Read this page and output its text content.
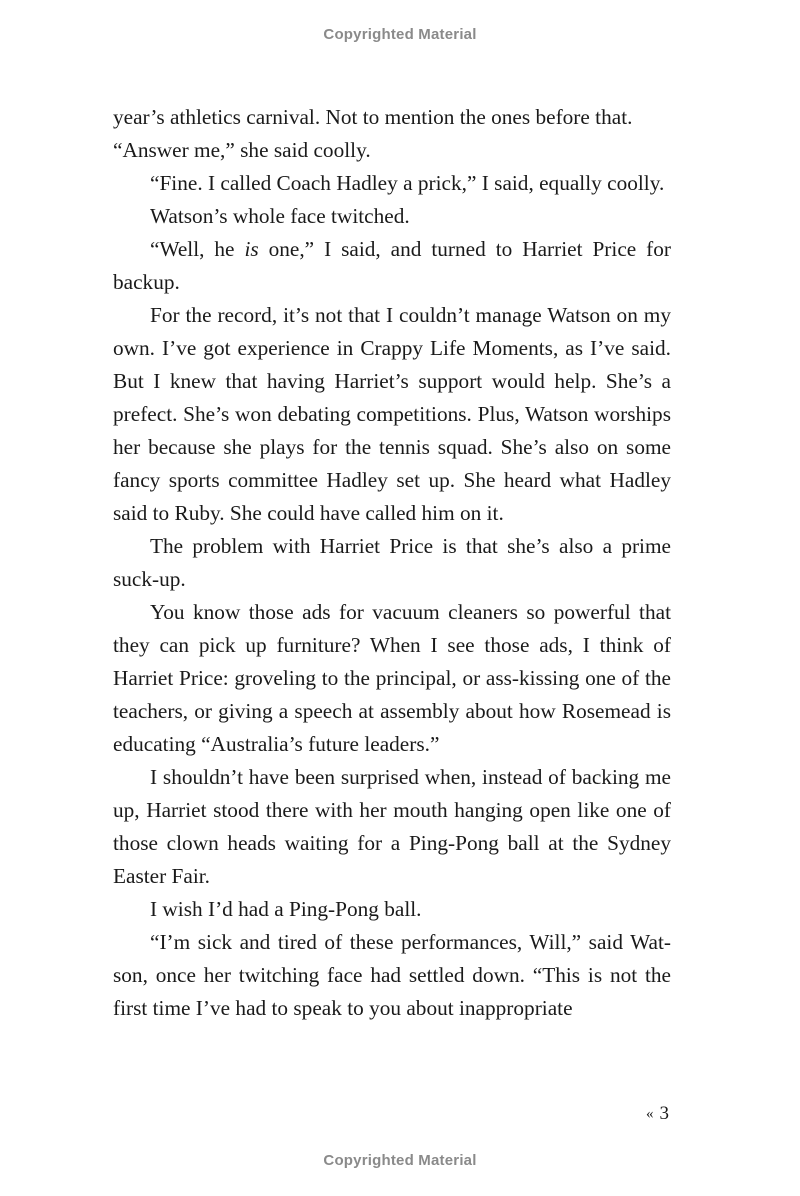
Copyrighted Material

year’s athletics carnival. Not to mention the ones before that.

“Answer me,” she said coolly.

“Fine. I called Coach Hadley a prick,” I said, equally coolly.

Watson’s whole face twitched.

“Well, he is one,” I said, and turned to Harriet Price for backup.

For the record, it’s not that I couldn’t manage Watson on my own. I’ve got experience in Crappy Life Moments, as I’ve said. But I knew that having Harriet’s support would help. She’s a prefect. She’s won debating competitions. Plus, Watson worships her because she plays for the tennis squad. She’s also on some fancy sports committee Hadley set up. She heard what Hadley said to Ruby. She could have called him on it.

The problem with Harriet Price is that she’s also a prime suck-up.

You know those ads for vacuum cleaners so powerful that they can pick up furniture? When I see those ads, I think of Harriet Price: groveling to the principal, or ass-kissing one of the teachers, or giving a speech at assembly about how Rosemead is educating “Australia’s future leaders.”

I shouldn’t have been surprised when, instead of backing me up, Harriet stood there with her mouth hanging open like one of those clown heads waiting for a Ping-Pong ball at the Sydney Easter Fair.

I wish I’d had a Ping-Pong ball.

“I’m sick and tired of these performances, Will,” said Watson, once her twitching face had settled down. “This is not the first time I’ve had to speak to you about inappropriate

« 3
Copyrighted Material
